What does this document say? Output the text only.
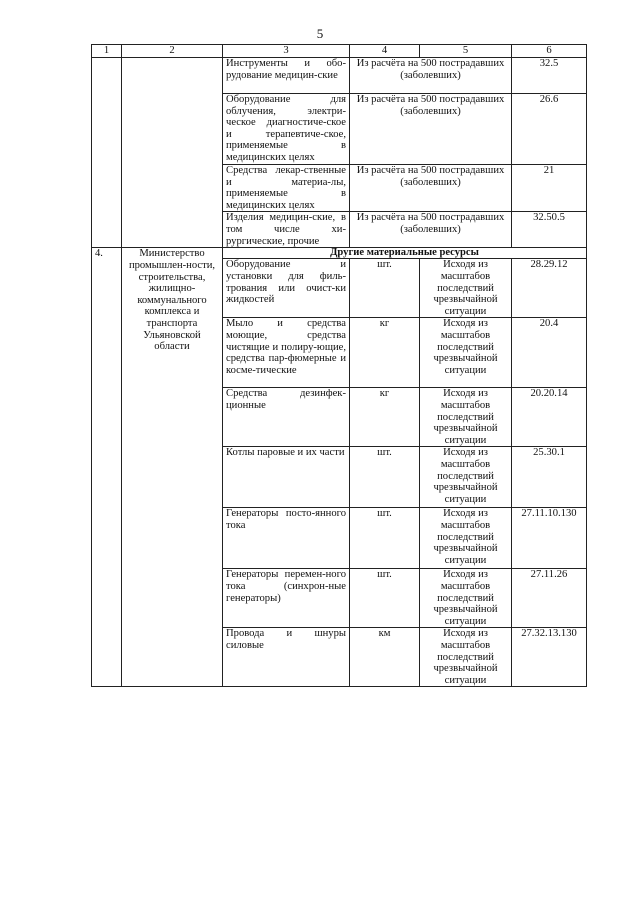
5
1	2	3	4	5	6
		Инструменты и обо-рудование медицин-ские	Из расчёта на 500 пострадавших (заболевших)		32.5
		Оборудование для облучения, электри-ческое диагностиче-ское и терапевтиче-ское, применяемые в медицинских целях	Из расчёта на 500 пострадавших (заболевших)		26.6
		Средства лекар-ственные и материа-лы, применяемые в медицинских целях	Из расчёта на 500 пострадавших (заболевших)		21
		Изделия медицин-ские, в том числе хи-рургические, прочие	Из расчёта на 500 пострадавших (заболевших)		32.50.5
4.	Министерство промышлен-ности, строительства, жилищно-коммунального комплекса и транспорта Ульяновской области	Другие материальные ресурсы			
		Оборудование и установки для филь-трования или очист-ки жидкостей	шт.	Исходя из масштабов последствий чрезвычайной ситуации	28.29.12
		Мыло и средства моющие, средства чистящие и полиру-ющие, средства пар-фюмерные и косме-тические	кг	Исходя из масштабов последствий чрезвычайной ситуации	20.4
		Средства дезинфек-ционные	кг	Исходя из масштабов последствий чрезвычайной ситуации	20.20.14
		Котлы паровые и их части	шт.	Исходя из масштабов последствий чрезвычайной ситуации	25.30.1
		Генераторы посто-янного тока	шт.	Исходя из масштабов последствий чрезвычайной ситуации	27.11.10.130
		Генераторы перемен-ного тока (синхрон-ные генераторы)	шт.	Исходя из масштабов последствий чрезвычайной ситуации	27.11.26
		Провода и шнуры силовые	км	Исходя из масштабов последствий чрезвычайной ситуации	27.32.13.130
